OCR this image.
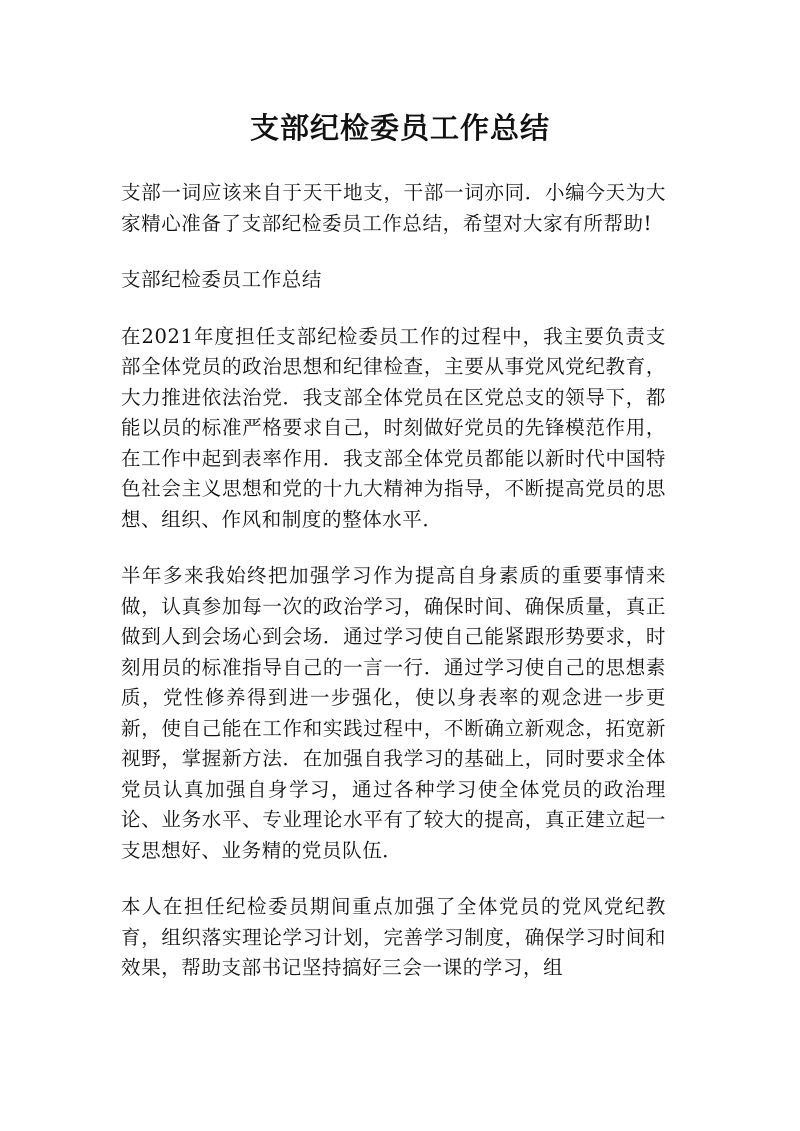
支部纪检委员工作总结

支部一词应该来自于天干地支，干部一词亦同．小编今天为大家精心准备了支部纪检委员工作总结，希望对大家有所帮助!

支部纪检委员工作总结

在2021年度担任支部纪检委员工作的过程中，我主要负责支部全体党员的政治思想和纪律检查，主要从事党风党纪教育，大力推进依法治党．我支部全体党员在区党总支的领导下，都能以员的标准严格要求自己，时刻做好党员的先锋模范作用，在工作中起到表率作用．我支部全体党员都能以新时代中国特色社会主义思想和党的十九大精神为指导，不断提高党员的思想、组织、作风和制度的整体水平．

半年多来我始终把加强学习作为提高自身素质的重要事情来做，认真参加每一次的政治学习，确保时间、确保质量，真正做到人到会场心到会场．通过学习使自己能紧跟形势要求，时刻用员的标准指导自己的一言一行．通过学习使自己的思想素质，党性修养得到进一步强化，使以身表率的观念进一步更新，使自己能在工作和实践过程中，不断确立新观念，拓宽新视野，掌握新方法．在加强自我学习的基础上，同时要求全体党员认真加强自身学习，通过各种学习使全体党员的政治理论、业务水平、专业理论水平有了较大的提高，真正建立起一支思想好、业务精的党员队伍．

本人在担任纪检委员期间重点加强了全体党员的党风党纪教育，组织落实理论学习计划，完善学习制度，确保学习时间和效果，帮助支部书记坚持搞好三会一课的学习，组
